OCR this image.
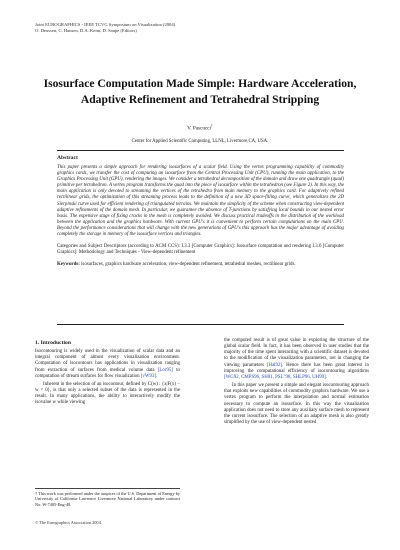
Joint EUROGRAPHICS - IEEE TCVG Symposium on Visualization (2004)
O. Deussen, C. Hansen, D.A. Keim, D. Saupe (Editors)
Isosurface Computation Made Simple: Hardware Acceleration, Adaptive Refinement and Tetrahedral Stripping
V. Pascucci†
Center for Applied Scientific Computing, LLNL, Livermore,CA, USA.
Abstract

This paper presents a simple approach for rendering isosurfaces of a scalar field. Using the vertex programming capability of commodity graphics cards, we transfer the cost of computing an isosurface from the Central Processing Unit (CPU), running the main application, to the Graphics Processing Unit (GPU), rendering the images. We consider a tetrahedral decomposition of the domain and draw one quadrangle (quad) primitive per tetrahedron. A vertex program transforms the quad into the piece of isosurface within the tetrahedron (see Figure 2). In this way, the main application is only devoted to streaming the vertices of the tetrahedra from main memory to the graphics card. For adaptively refined rectilinear grids, the optimization of this streaming process leads to the definition of a new 3D space-filling curve, which generalizes the 2D Sierpinski curve used for efficient rendering of triangulated terrains. We maintain the simplicity of the scheme when constructing view-dependent adaptive refinements of the domain mesh. In particular, we guarantee the absence of T-junctions by satisfying local bounds in our nested error basis. The expensive stage of fixing cracks in the mesh is completely avoided. We discuss practical tradeoffs in the distribution of the workload between the application and the graphics hardware. With current GPU's it is convenient to perform certain computations on the main CPU. Beyond the performance considerations that will change with the new generations of GPU's this approach has the major advantage of avoiding completely the storage in memory of the isosurface vertices and triangles.

Categories and Subject Descriptors (according to ACM CCS): I.3.3 [Computer Graphics]: Isosurface computation and rendering I.3.6 [Computer Graphics]: Methodology and Techniques - View-dependent refinement

Keywords: isosurfaces, graphics hardware acceleration, view-dependent refinement, tetrahedral meshes, rectilinear grids.

1. Introduction

Isocontouring is widely used in the visualization of scalar data and an integral component of almost every visualization environment. Computation of isocontours has applications in visualization ranging from extraction of surfaces from medical volume data [Lor95] to computation of stream surfaces for flow visualization [vW93].

Inherent in the selection of an isocontour, defined by C(w) : {x|F(x) − w = 0}, is that only a selected subset of the data is represented in the result. In many applications, the ability to interactively modify the isovalue w while viewing

the computed result is of great value in exploring the structure of the global scalar field. In fact, it has been observed in user studies that the majority of the time spent interacting with a scientific dataset is devoted to the modification of the visualization parameters, not in changing the viewing parameters [Hal92]. Hence there has been great interest in improving the computational efficiency of isocontouring algorithms [WG92, CMPS96, SH01, PSL"98, SHLP96, UH99].

In this paper we present a simple and elegant isocontouring approach that exploits new capabilities of commodity graphics hardware. We use a vertex program to perform the interpolation and normal estimation necessary to compute an isosurface. In this way the visualization application does not need to store any auxiliary surface mesh to represent the current isosurface. The selection of an adaptive mesh is also greatly simplified by the use of view-dependent nested

† This work was performed under the auspices of the U.S. Department of Energy by University of California Lawrence Livermore National Laboratory under contract No. W-7405-Eng-48.
© The Eurographics Association 2004.
